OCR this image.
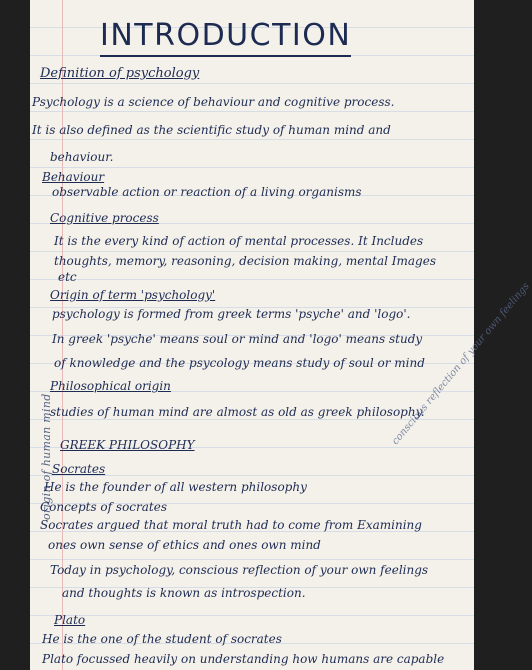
origin of human mind
INTRODUCTION
Definition of psychology
Psychology is a science of behaviour and cognitive process.
It is also defined as the scientific study of human mind and
behaviour.
Behaviour
observable action or reaction of a living organisms
Cognitive process
It is the every kind of action of mental processes. It Includes
thoughts, memory, reasoning, decision making, mental Images
etc
Origin of term 'psychology'
psychology is formed from greek terms 'psyche' and 'logo'.
In greek 'psyche' means soul or mind and 'logo' means study
of knowledge and the psycology means study of soul or mind
Philosophical origin
studies of human mind are almost as old as greek philosophy.
GREEK PHILOSOPHY
Socrates
He is the founder of all western philosophy
Concepts of socrates
Socrates argued that moral truth had to come from Examining
ones own sense of ethics and ones own mind
Today in psychology, conscious reflection of your own feelings
and thoughts is known as introspection.
Plato
He is the one of the student of socrates
Plato focussed heavily on understanding how humans are capable
conscious reflection of your own feelings
